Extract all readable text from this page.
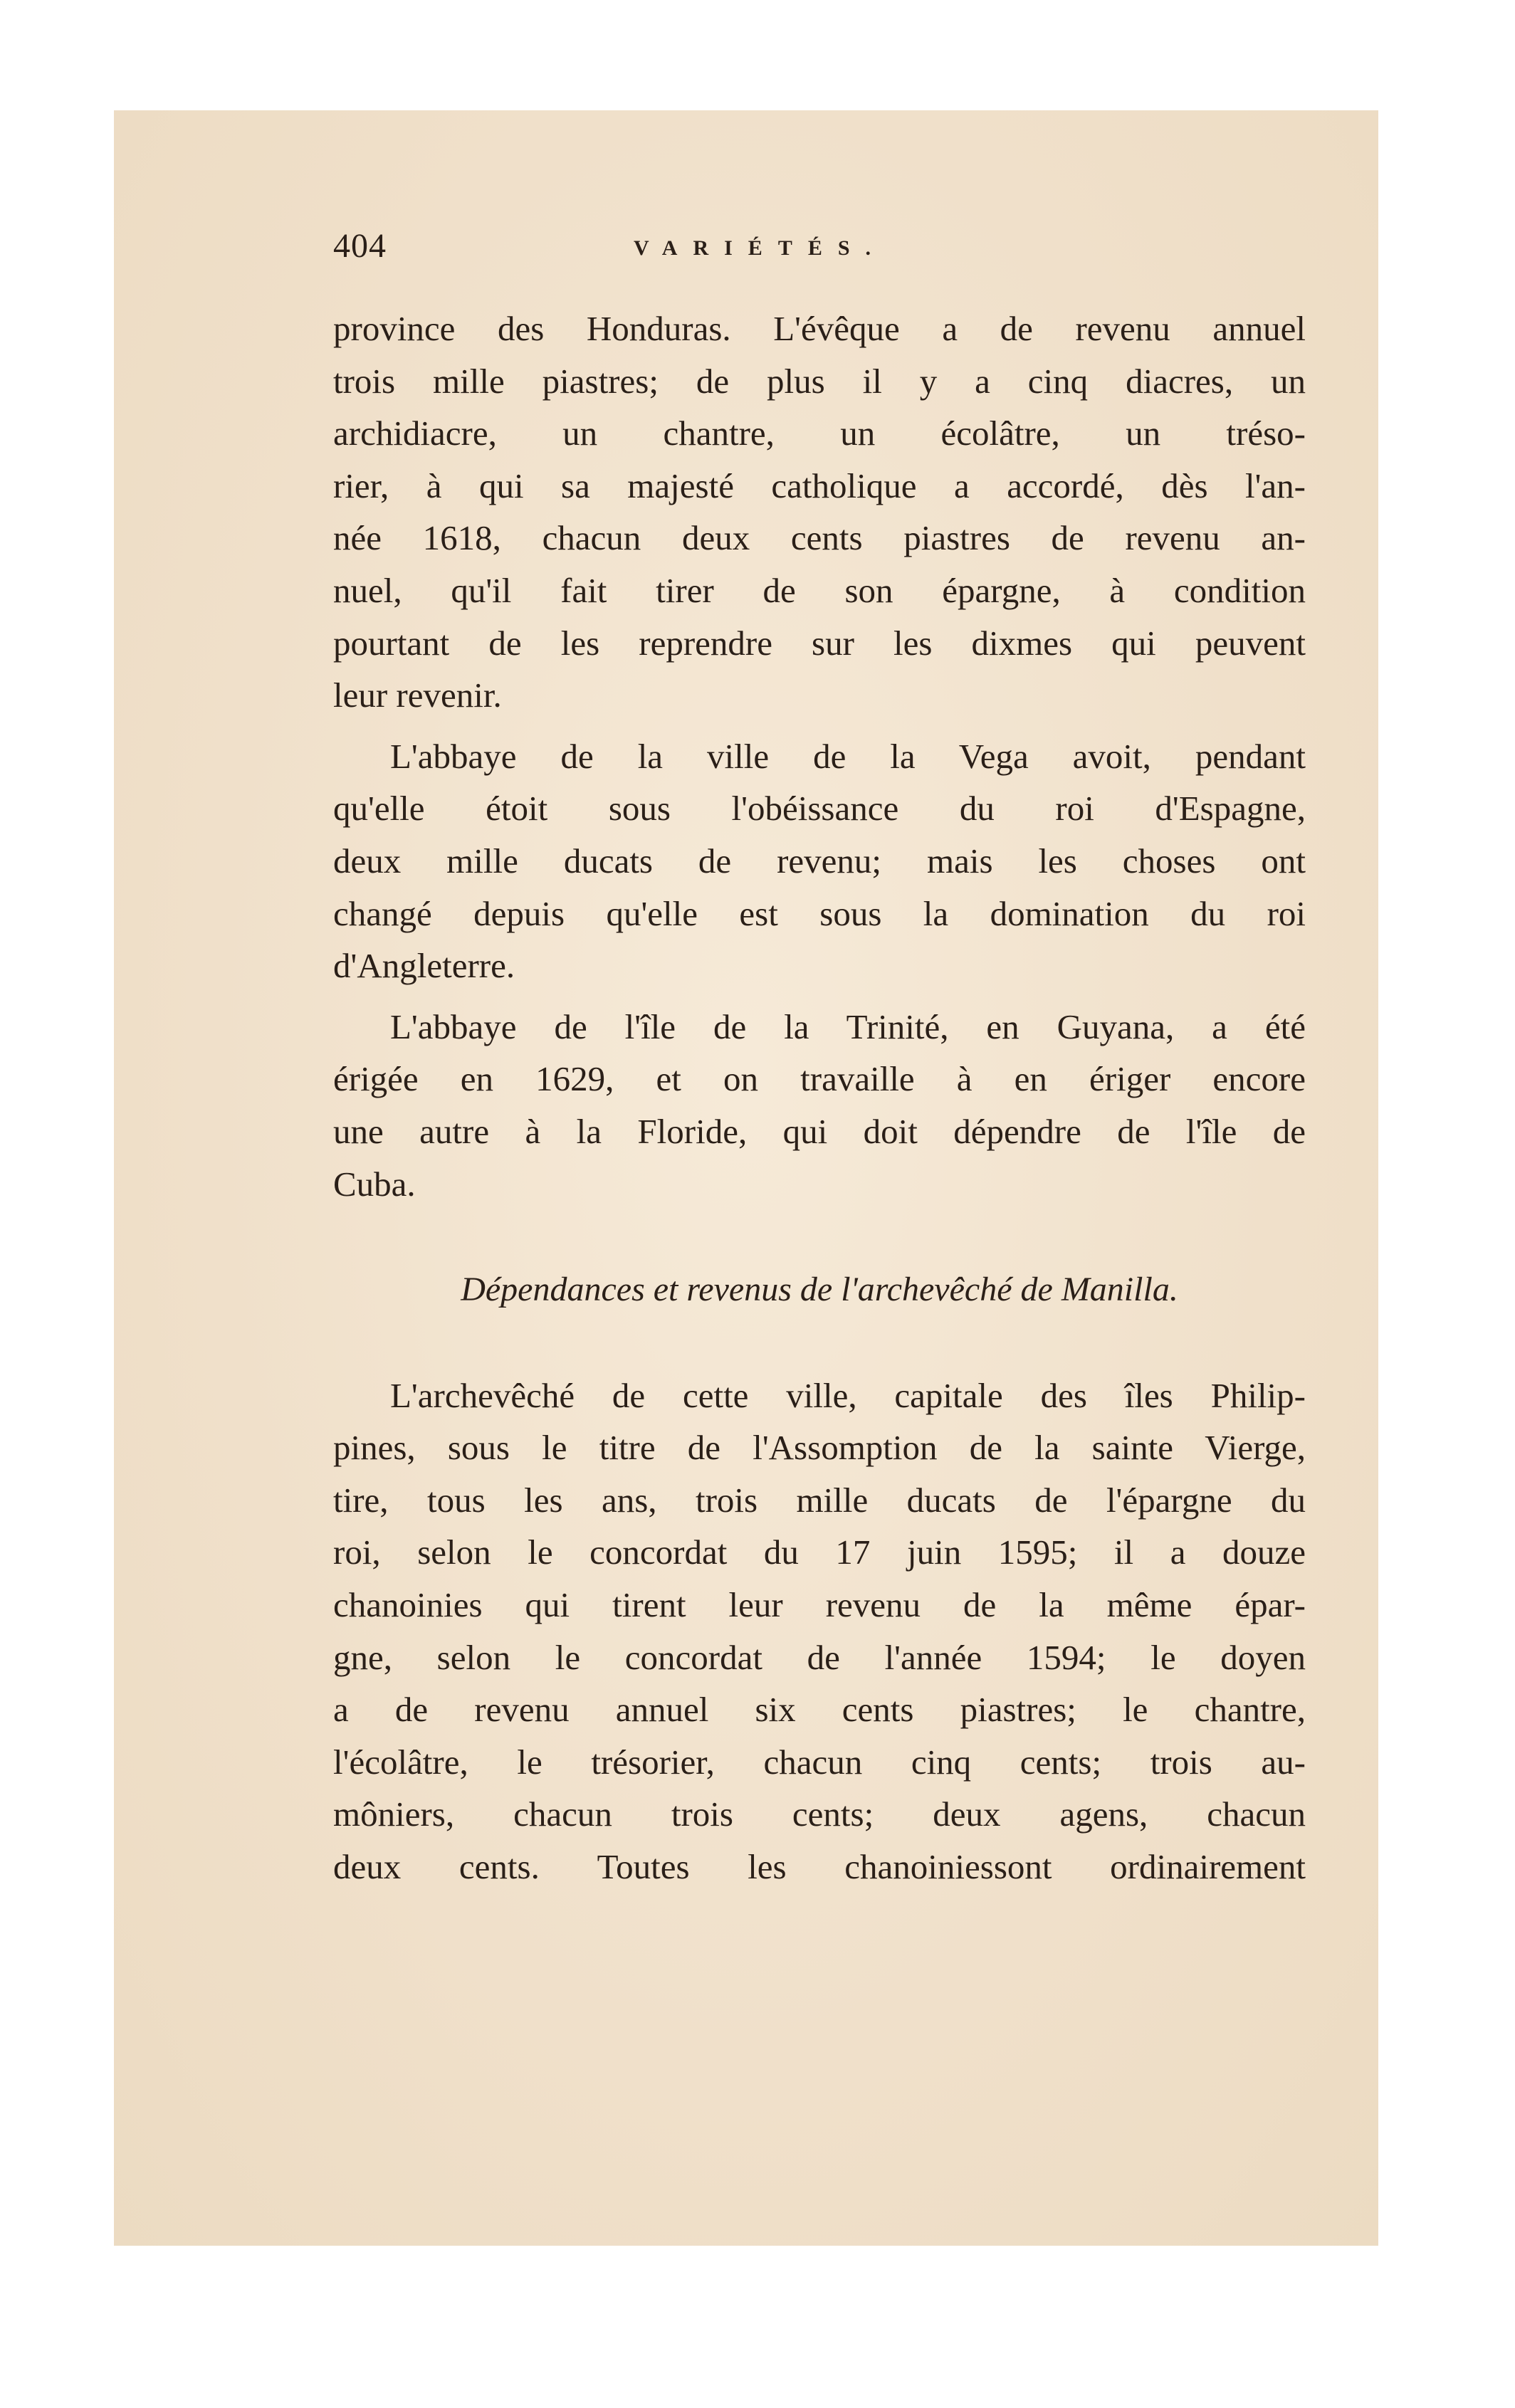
404	VARIÉTÉS.
province des Honduras. L'évêque a de revenu annuel
trois mille piastres; de plus il y a cinq diacres, un
archidiacre, un chantre, un écolâtre, un tréso-
rier, à qui sa majesté catholique a accordé, dès l'an-
née 1618, chacun deux cents piastres de revenu an-
nuel, qu'il fait tirer de son épargne, à condition
pourtant de les reprendre sur les dixmes qui peuvent
leur revenir.
L'abbaye de la ville de la Vega avoit, pendant
qu'elle étoit sous l'obéissance du roi d'Espagne,
deux mille ducats de revenu; mais les choses ont
changé depuis qu'elle est sous la domination du roi
d'Angleterre.
L'abbaye de l'île de la Trinité, en Guyana, a été
érigée en 1629, et on travaille à en ériger encore
une autre à la Floride, qui doit dépendre de l'île de
Cuba.
Dépendances et revenus de l'archevêché de Manilla.
L'archevêché de cette ville, capitale des îles Philip-
pines, sous le titre de l'Assomption de la sainte Vierge,
tire, tous les ans, trois mille ducats de l'épargne du
roi, selon le concordat du 17 juin 1595; il a douze
chanoinies qui tirent leur revenu de la même épar-
gne, selon le concordat de l'année 1594; le doyen
a de revenu annuel six cents piastres; le chantre,
l'écolâtre, le trésorier, chacun cinq cents; trois au-
môniers, chacun trois cents; deux agens, chacun
deux cents. Toutes les chanoiniessont ordinairement
